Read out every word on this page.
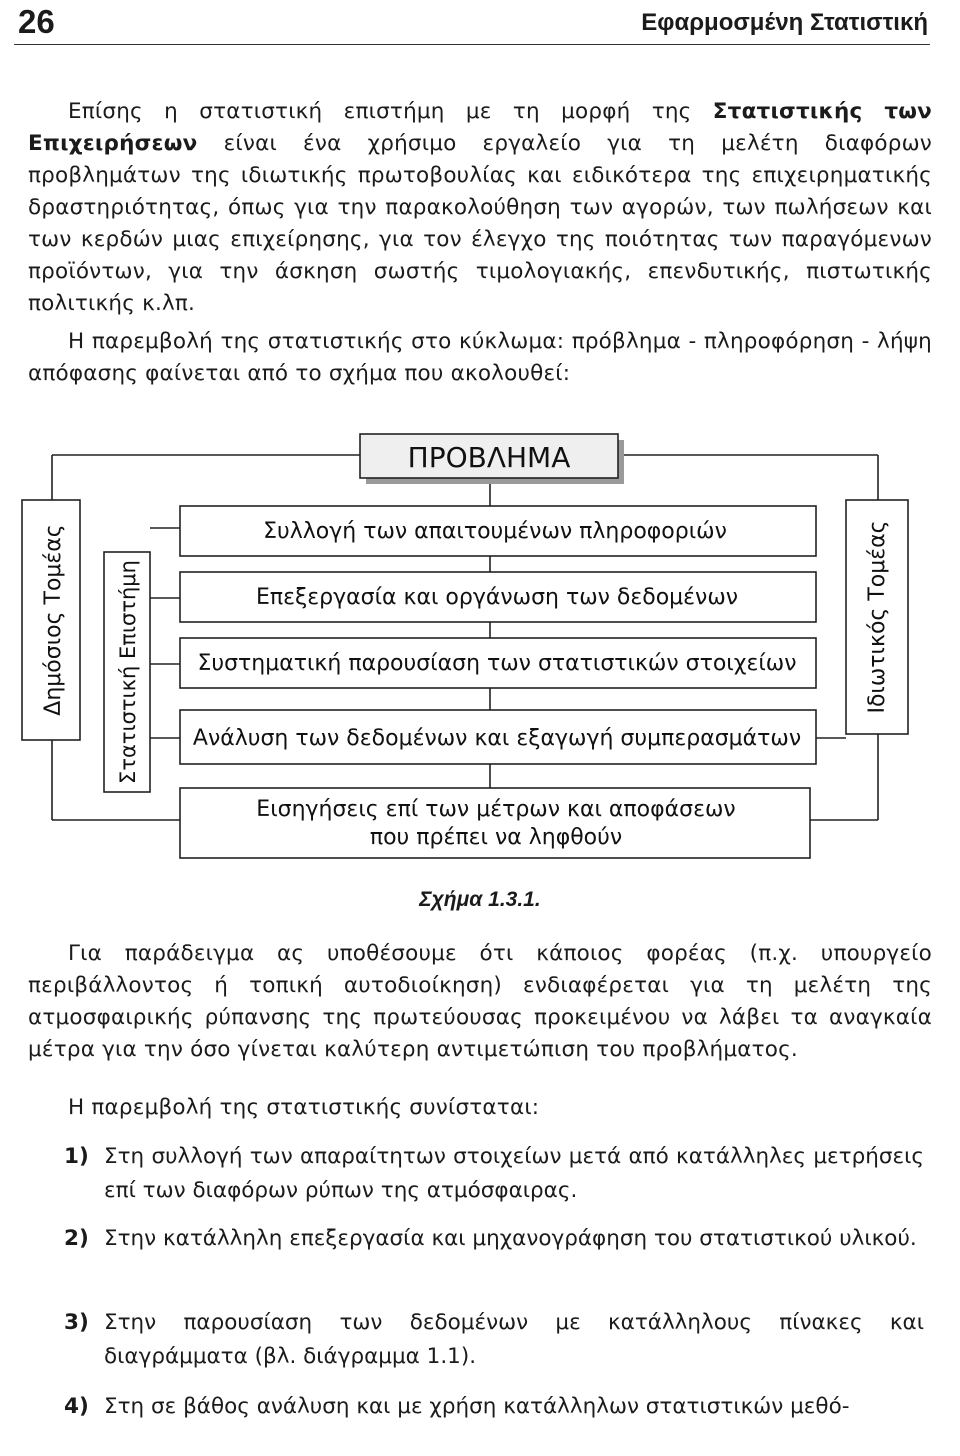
26	Εφαρμοσμένη Στατιστική

Επίσης η στατιστική επιστήμη με τη μορφή της Στατιστικής των Επιχειρήσεων είναι ένα χρήσιμο εργαλείο για τη μελέτη διαφόρων προβλημάτων της ιδιωτικής πρωτοβουλίας και ειδικότερα της επιχειρηματικής δραστηριότητας, όπως για την παρακολούθηση των αγορών, των πωλήσεων και των κερδών μιας επιχείρησης, για τον έλεγχο της ποιότητας των παραγόμενων προϊόντων, για την άσκηση σωστής τιμολογιακής, επενδυτικής, πιστωτικής πολιτικής κ.λπ.

Η παρεμβολή της στατιστικής στο κύκλωμα: πρόβλημα - πληροφόρηση - λήψη απόφασης φαίνεται από το σχήμα που ακολουθεί:

ΠΡΟΒΛΗΜΑ
Συλλογή των απαιτουμένων πληροφοριών
Επεξεργασία και οργάνωση των δεδομένων
Συστηματική παρουσίαση των στατιστικών στοιχείων
Ανάλυση των δεδομένων και εξαγωγή συμπερασμάτων
Εισηγήσεις επί των μέτρων και αποφάσεων
που πρέπει να ληφθούν
Δημόσιος Τομέας Στατιστική Επιστήμη	Ιδιωτικός Τομέας
Σχήμα 1.3.1.

Για παράδειγμα ας υποθέσουμε ότι κάποιος φορέας (π.χ. υπουργείο περιβάλλοντος ή τοπική αυτοδιοίκηση) ενδιαφέρεται για τη μελέτη της ατμοσφαιρικής ρύπανσης της πρωτεύουσας προκειμένου να λάβει τα αναγκαία μέτρα για την όσο γίνεται καλύτερη αντιμετώπιση του προβλήματος.

Η παρεμβολή της στατιστικής συνίσταται:

1) Στη συλλογή των απαραίτητων στοιχείων μετά από κατάλληλες μετρήσεις επί των διαφόρων ρύπων της ατμόσφαιρας.
2) Στην κατάλληλη επεξεργασία και μηχανογράφηση του στατιστικού υλικού.
3) Στην παρουσίαση των δεδομένων με κατάλληλους πίνακες και διαγράμματα (βλ. διάγραμμα 1.1).
4) Στη σε βάθος ανάλυση και με χρήση κατάλληλων στατιστικών μεθό-
